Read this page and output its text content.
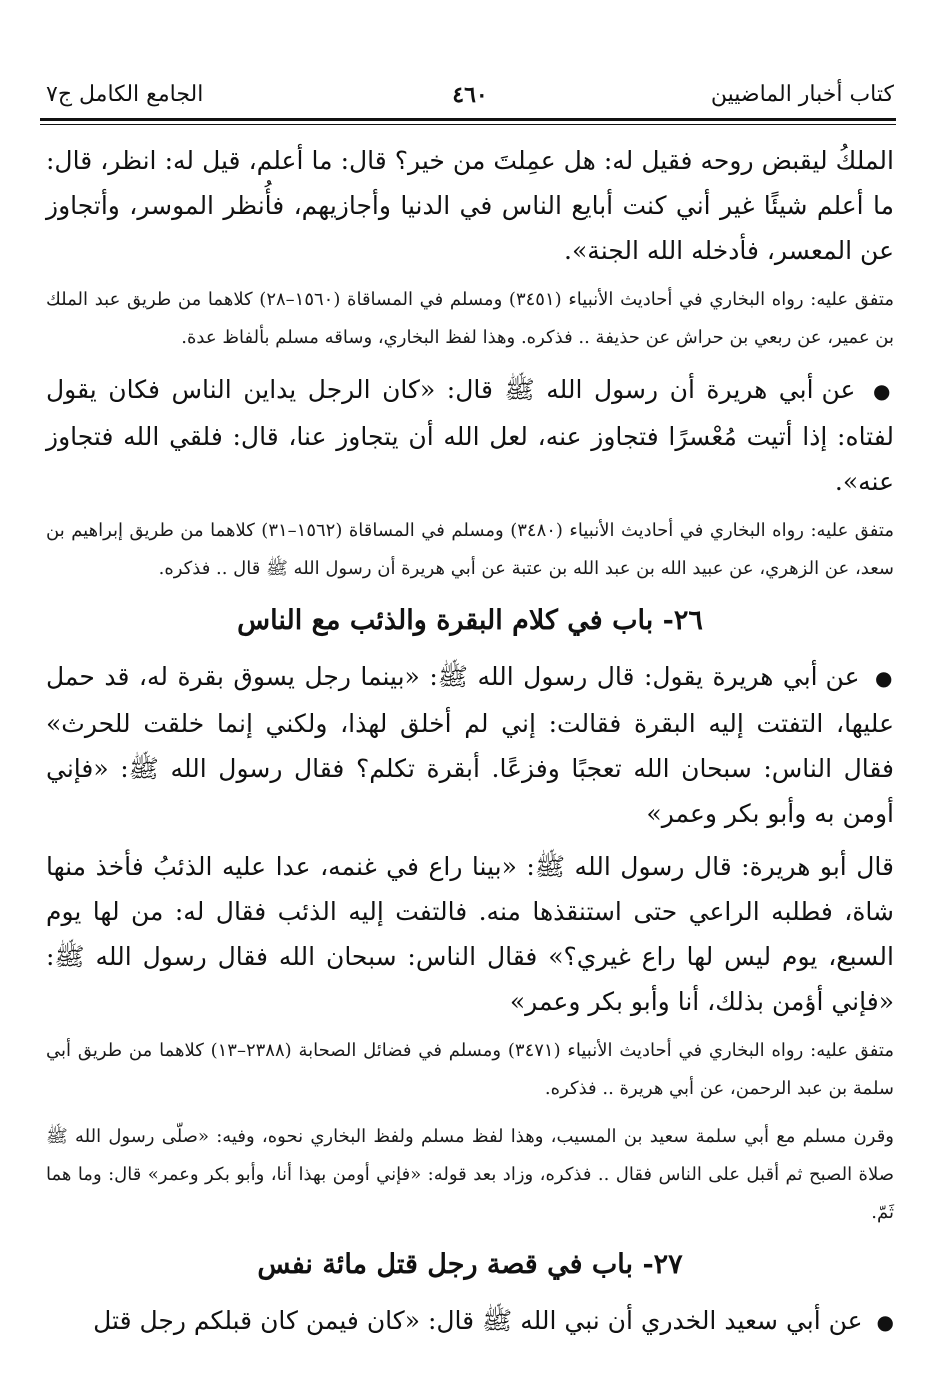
كتاب أخبار الماضيين
٤٦٠
الجامع الكامل ج٧

الملكُ ليقبض روحه فقيل له: هل عمِلتَ من خير؟ قال: ما أعلم، قيل له: انظر، قال: ما أعلم شيئًا غير أني كنت أبايع الناس في الدنيا وأجازيهم، فأُنظر الموسر، وأتجاوز عن المعسر، فأدخله الله الجنة».

متفق عليه: رواه البخاري في أحاديث الأنبياء (٣٤٥١) ومسلم في المساقاة (١٥٦٠–٢٨) كلاهما من طريق عبد الملك بن عمير، عن ربعي بن حراش عن حذيفة .. فذكره. وهذا لفظ البخاري، وساقه مسلم بألفاظ عدة.

● عن أبي هريرة أن رسول الله ﷺ قال: «كان الرجل يداين الناس فكان يقول لفتاه: إذا أتيت مُعْسرًا فتجاوز عنه، لعل الله أن يتجاوز عنا، قال: فلقي الله فتجاوز عنه».

متفق عليه: رواه البخاري في أحاديث الأنبياء (٣٤٨٠) ومسلم في المساقاة (١٥٦٢–٣١) كلاهما من طريق إبراهيم بن سعد، عن الزهري، عن عبيد الله بن عبد الله بن عتبة عن أبي هريرة أن رسول الله ﷺ قال .. فذكره.

٢٦- باب في كلام البقرة والذئب مع الناس

● عن أبي هريرة يقول: قال رسول الله ﷺ: «بينما رجل يسوق بقرة له، قد حمل عليها، التفتت إليه البقرة فقالت: إني لم أخلق لهذا، ولكني إنما خلقت للحرث» فقال الناس: سبحان الله تعجبًا وفزعًا. أبقرة تكلم؟ فقال رسول الله ﷺ: «فإني أومن به وأبو بكر وعمر»

قال أبو هريرة: قال رسول الله ﷺ: «بينا راع في غنمه، عدا عليه الذئبُ فأخذ منها شاة، فطلبه الراعي حتى استنقذها منه. فالتفت إليه الذئب فقال له: من لها يوم السبع، يوم ليس لها راع غيري؟» فقال الناس: سبحان الله فقال رسول الله ﷺ: «فإني أؤمن بذلك، أنا وأبو بكر وعمر»

متفق عليه: رواه البخاري في أحاديث الأنبياء (٣٤٧١) ومسلم في فضائل الصحابة (٢٣٨٨–١٣) كلاهما من طريق أبي سلمة بن عبد الرحمن، عن أبي هريرة .. فذكره.

وقرن مسلم مع أبي سلمة سعيد بن المسيب، وهذا لفظ مسلم ولفظ البخاري نحوه، وفيه: «صلّى رسول الله ﷺ صلاة الصبح ثم أقبل على الناس فقال .. فذكره، وزاد بعد قوله: «فإني أومن بهذا أنا، وأبو بكر وعمر» قال: وما هما ثَمّ.

٢٧- باب في قصة رجل قتل مائة نفس

● عن أبي سعيد الخدري أن نبي الله ﷺ قال: «كان فيمن كان قبلكم رجل قتل
